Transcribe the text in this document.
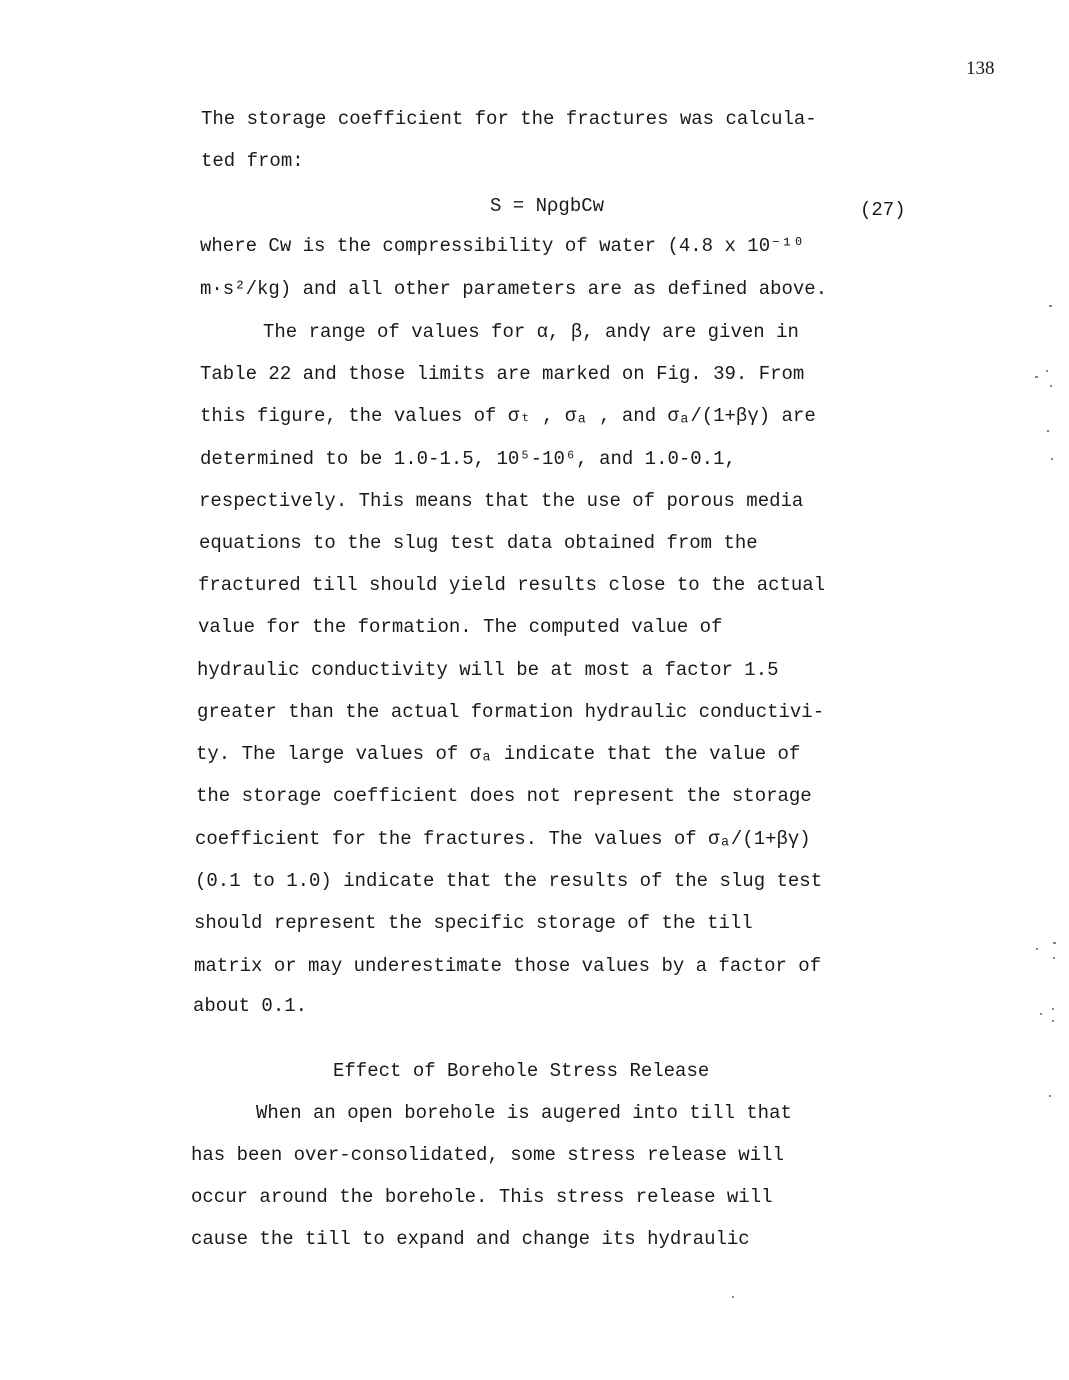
138
The storage coefficient for the fractures was calcula-
ted from:
S = NρgbCᴡ	(27)
where Cᴡ is the compressibility of water (4.8 x 10⁻¹⁰
m·s²/kg) and all other parameters are as defined above.
The range of values for α, β, andγ are given in
Table 22 and those limits are marked on Fig. 39. From
this figure, the values of σₜ , σₐ , and σₐ/(1+βγ) are
determined to be 1.0-1.5, 10⁵-10⁶, and 1.0-0.1,
respectively. This means that the use of porous media
equations to the slug test data obtained from the
fractured till should yield results close to the actual
value for the formation. The computed value of
hydraulic conductivity will be at most a factor 1.5
greater than the actual formation hydraulic conductivi-
ty. The large values of σₐ indicate that the value of
the storage coefficient does not represent the storage
coefficient for the fractures. The values of σₐ/(1+βγ)
(0.1 to 1.0) indicate that the results of the slug test
should represent the specific storage of the till
matrix or may underestimate those values by a factor of
about 0.1.
Effect of Borehole Stress Release
When an open borehole is augered into till that
has been over-consolidated, some stress release will
occur around the borehole. This stress release will
cause the till to expand and change its hydraulic
